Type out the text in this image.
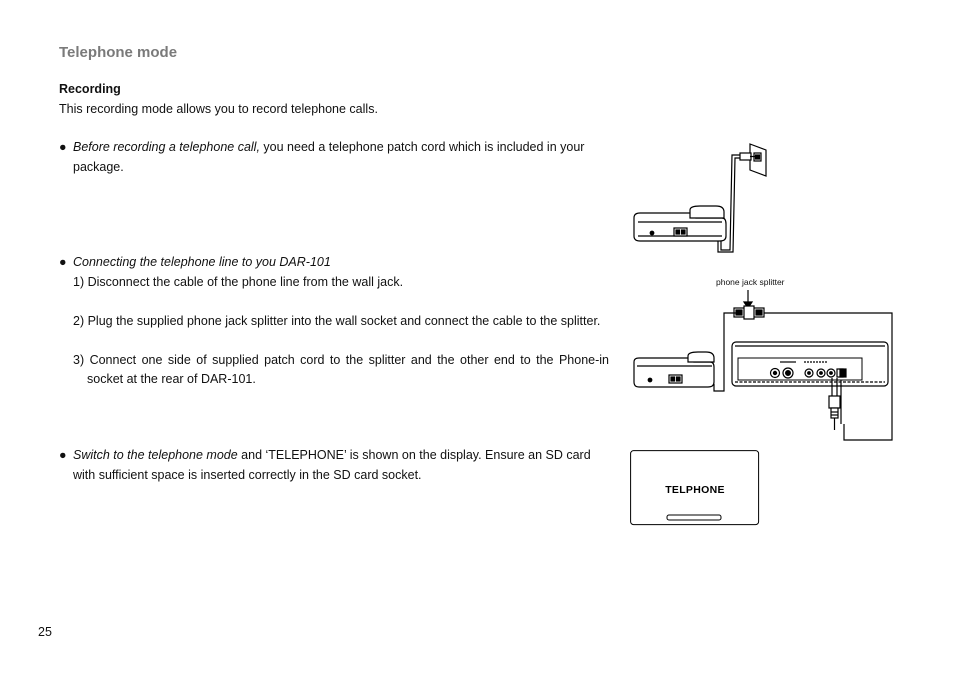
Telephone mode
Recording
This recording mode allows you to record telephone calls.
● Before recording a telephone call, you need a telephone patch cord which is included in your
package.
● Connecting the telephone line to you DAR-101
1) Disconnect the cable of the phone line from the wall jack.
2) Plug the supplied phone jack splitter into the wall socket and connect the cable to the splitter.
3) Connect one side of supplied patch cord to the splitter and the other end to the Phone-in
socket at the rear of DAR-101.
● Switch to the telephone mode and ‘TELEPHONE’ is shown on the display. Ensure an SD card
with sufficient space is inserted correctly in the SD card socket.
phone jack splitter
TELPHONE
25
